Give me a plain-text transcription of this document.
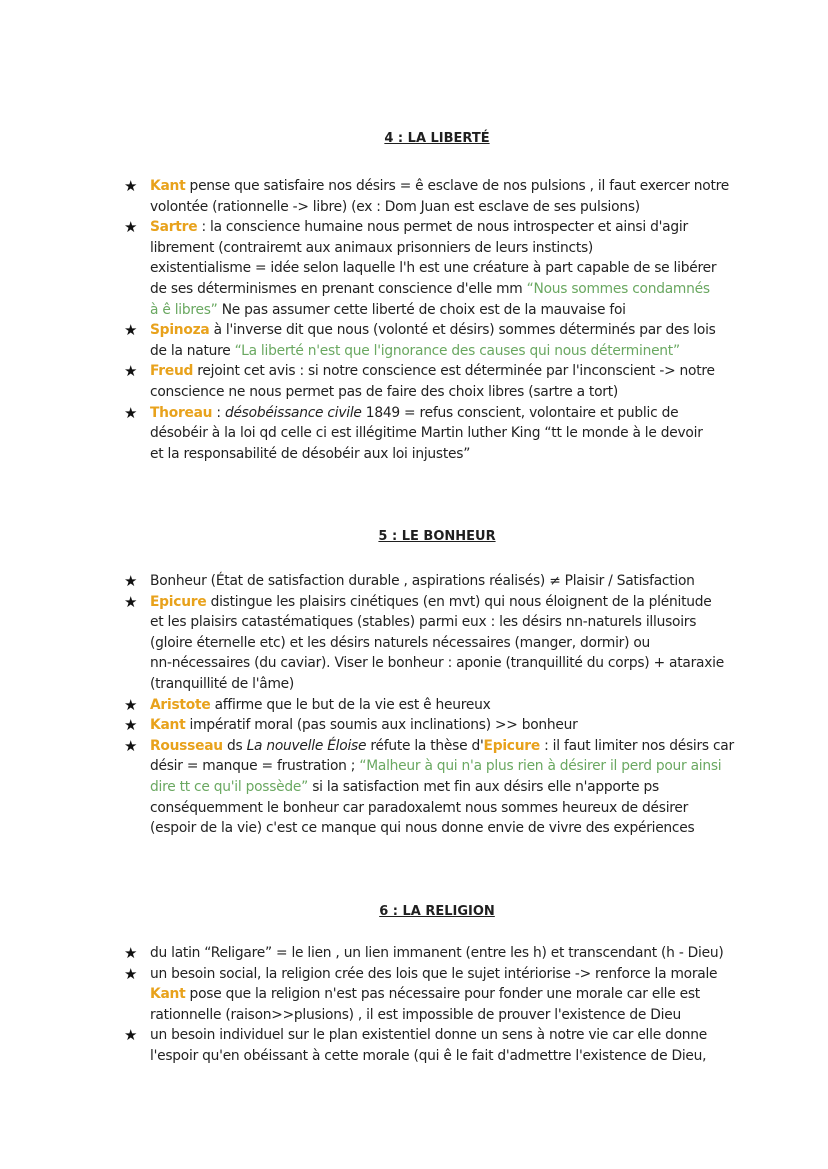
4 : LA LIBERTÉ
★ Kant pense que satisfaire nos désirs = ê esclave de nos pulsions , il faut exercer notre
volontée (rationnelle -> libre) (ex : Dom Juan est esclave de ses pulsions)
★ Sartre : la conscience humaine nous permet de nous introspecter et ainsi d'agir
librement (contrairemt aux animaux prisonniers de leurs instincts)
existentialisme = idée selon laquelle l'h est une créature à part capable de se libérer
de ses déterminismes en prenant conscience d'elle mm “Nous sommes condamnés
à ê libres” Ne pas assumer cette liberté de choix est de la mauvaise foi
★ Spinoza à l'inverse dit que nous (volonté et désirs) sommes déterminés par des lois
de la nature “La liberté n'est que l'ignorance des causes qui nous déterminent”
★ Freud rejoint cet avis : si notre conscience est déterminée par l'inconscient -> notre
conscience ne nous permet pas de faire des choix libres (sartre a tort)
★ Thoreau : désobéissance civile 1849 = refus conscient, volontaire et public de
désobéir à la loi qd celle ci est illégitime Martin luther King “tt le monde à le devoir
et la responsabilité de désobéir aux loi injustes”
5 : LE BONHEUR
★ Bonheur (État de satisfaction durable , aspirations réalisés) ≠ Plaisir / Satisfaction
★ Epicure distingue les plaisirs cinétiques (en mvt) qui nous éloignent de la plénitude
et les plaisirs catastématiques (stables) parmi eux : les désirs nn-naturels illusoirs
(gloire éternelle etc) et les désirs naturels nécessaires (manger, dormir) ou
nn-nécessaires (du caviar). Viser le bonheur : aponie (tranquillité du corps) + ataraxie
(tranquillité de l'âme)
★ Aristote affirme que le but de la vie est ê heureux
★ Kant impératif moral (pas soumis aux inclinations) >> bonheur
★ Rousseau ds La nouvelle Éloise réfute la thèse d'Epicure : il faut limiter nos désirs car
désir = manque = frustration ; “Malheur à qui n'a plus rien à désirer il perd pour ainsi
dire tt ce qu'il possède” si la satisfaction met fin aux désirs elle n'apporte ps
conséquemment le bonheur car paradoxalemt nous sommes heureux de désirer
(espoir de la vie) c'est ce manque qui nous donne envie de vivre des expériences
6 : LA RELIGION
★ du latin “Religare” = le lien , un lien immanent (entre les h) et transcendant (h - Dieu)
★ un besoin social, la religion crée des lois que le sujet intériorise -> renforce la morale
Kant pose que la religion n'est pas nécessaire pour fonder une morale car elle est
rationnelle (raison>>plusions) , il est impossible de prouver l'existence de Dieu
★ un besoin individuel sur le plan existentiel donne un sens à notre vie car elle donne
l'espoir qu'en obéissant à cette morale (qui ê le fait d'admettre l'existence de Dieu,
